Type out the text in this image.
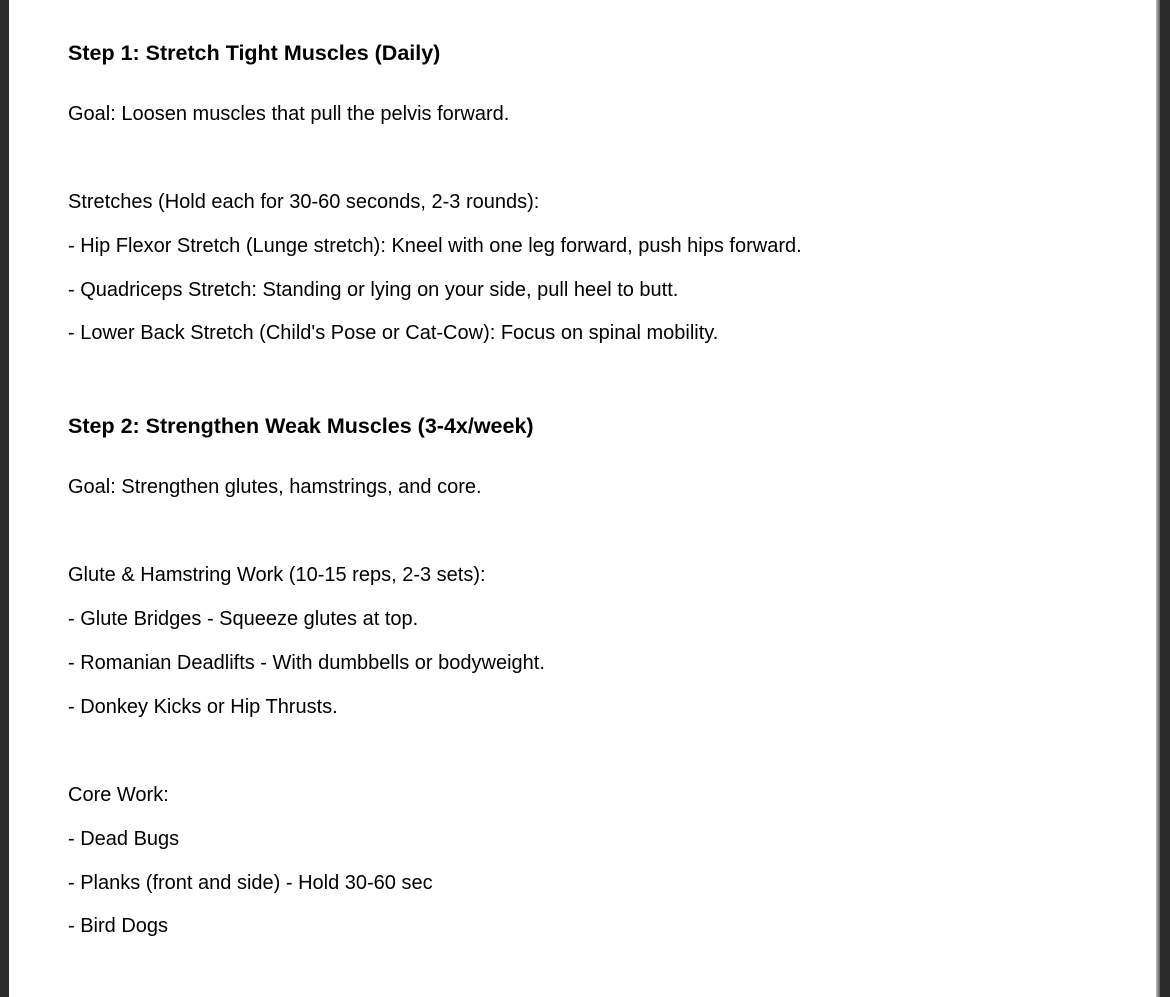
Step 1: Stretch Tight Muscles (Daily)

Goal: Loosen muscles that pull the pelvis forward.

Stretches (Hold each for 30-60 seconds, 2-3 rounds):

- Hip Flexor Stretch (Lunge stretch): Kneel with one leg forward, push hips forward.

- Quadriceps Stretch: Standing or lying on your side, pull heel to butt.

- Lower Back Stretch (Child's Pose or Cat-Cow): Focus on spinal mobility.

Step 2: Strengthen Weak Muscles (3-4x/week)

Goal: Strengthen glutes, hamstrings, and core.

Glute & Hamstring Work (10-15 reps, 2-3 sets):

- Glute Bridges - Squeeze glutes at top.

- Romanian Deadlifts - With dumbbells or bodyweight.

- Donkey Kicks or Hip Thrusts.

Core Work:

- Dead Bugs

- Planks (front and side) - Hold 30-60 sec

- Bird Dogs
